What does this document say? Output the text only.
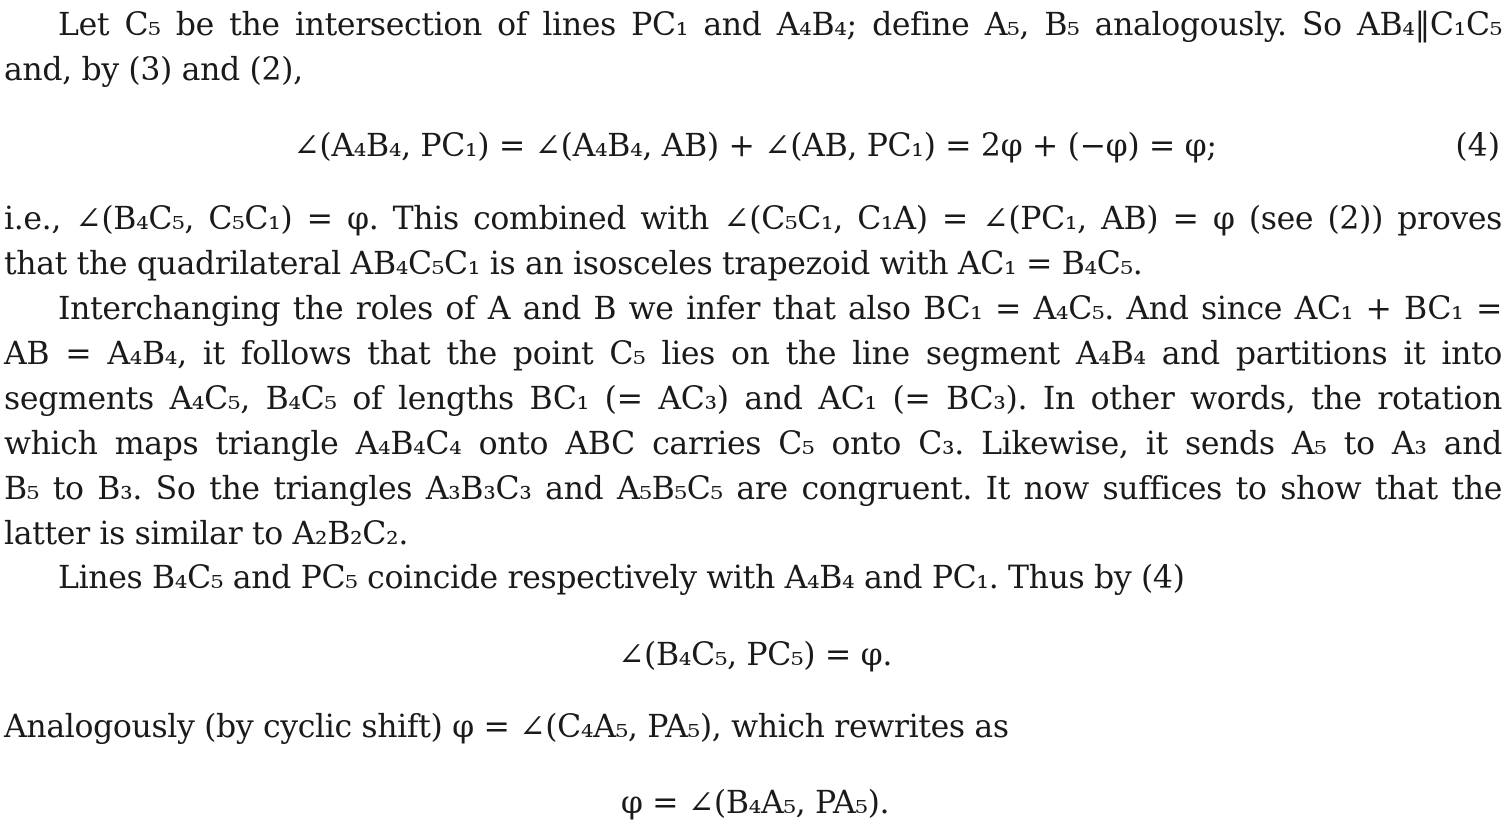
Let C₅ be the intersection of lines PC₁ and A₄B₄; define A₅, B₅ analogously. So AB₄‖C₁C₅
and, by (3) and (2),
∠(A₄B₄, PC₁) = ∠(A₄B₄, AB) + ∠(AB, PC₁) = 2φ + (−φ) = φ;	(4)
i.e., ∠(B₄C₅, C₅C₁) = φ. This combined with ∠(C₅C₁, C₁A) = ∠(PC₁, AB) = φ (see (2)) proves
that the quadrilateral AB₄C₅C₁ is an isosceles trapezoid with AC₁ = B₄C₅.
Interchanging the roles of A and B we infer that also BC₁ = A₄C₅. And since AC₁ + BC₁ =
AB = A₄B₄, it follows that the point C₅ lies on the line segment A₄B₄ and partitions it into
segments A₄C₅, B₄C₅ of lengths BC₁ (= AC₃) and AC₁ (= BC₃). In other words, the rotation
which maps triangle A₄B₄C₄ onto ABC carries C₅ onto C₃. Likewise, it sends A₅ to A₃ and
B₅ to B₃. So the triangles A₃B₃C₃ and A₅B₅C₅ are congruent. It now suffices to show that the
latter is similar to A₂B₂C₂.
Lines B₄C₅ and PC₅ coincide respectively with A₄B₄ and PC₁. Thus by (4)
∠(B₄C₅, PC₅) = φ.
Analogously (by cyclic shift) φ = ∠(C₄A₅, PA₅), which rewrites as
φ = ∠(B₄A₅, PA₅).
